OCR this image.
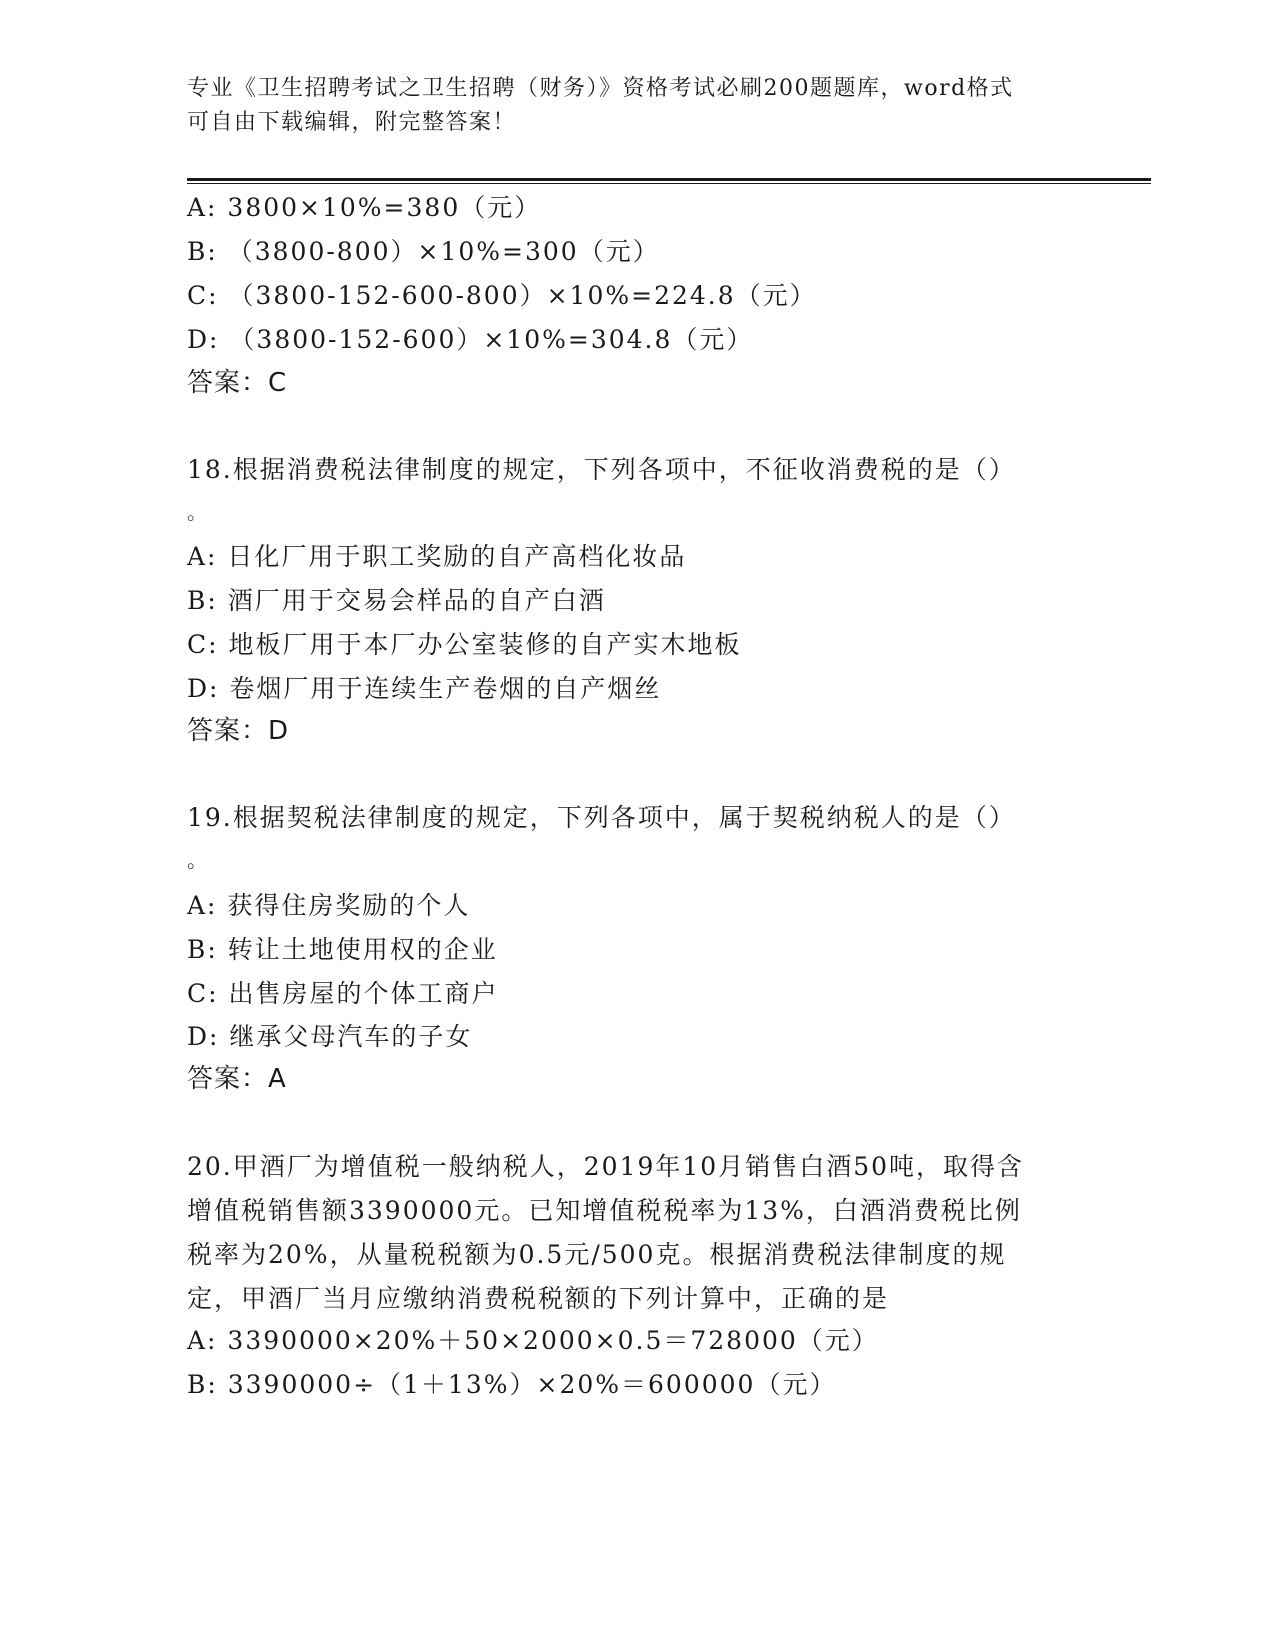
专业《卫生招聘考试之卫生招聘（财务）》资格考试必刷200题题库，word格式
可自由下载编辑，附完整答案！
A: 3800×10%=380（元）
B: （3800-800）×10%=300（元）
C: （3800-152-600-800）×10%=224.8（元）
D: （3800-152-600）×10%=304.8（元）
答案：C
18.根据消费税法律制度的规定，下列各项中，不征收消费税的是（）
。
A: 日化厂用于职工奖励的自产高档化妆品
B: 酒厂用于交易会样品的自产白酒
C: 地板厂用于本厂办公室装修的自产实木地板
D: 卷烟厂用于连续生产卷烟的自产烟丝
答案：D
19.根据契税法律制度的规定，下列各项中，属于契税纳税人的是（）
。
A: 获得住房奖励的个人
B: 转让土地使用权的企业
C: 出售房屋的个体工商户
D: 继承父母汽车的子女
答案：A
20.甲酒厂为增值税一般纳税人，2019年10月销售白酒50吨，取得含
增值税销售额3390000元。已知增值税税率为13%，白酒消费税比例
税率为20%，从量税税额为0.5元/500克。根据消费税法律制度的规
定，甲酒厂当月应缴纳消费税税额的下列计算中，正确的是
A: 3390000×20%＋50×2000×0.5＝728000（元）
B: 3390000÷（1＋13%）×20%＝600000（元）
